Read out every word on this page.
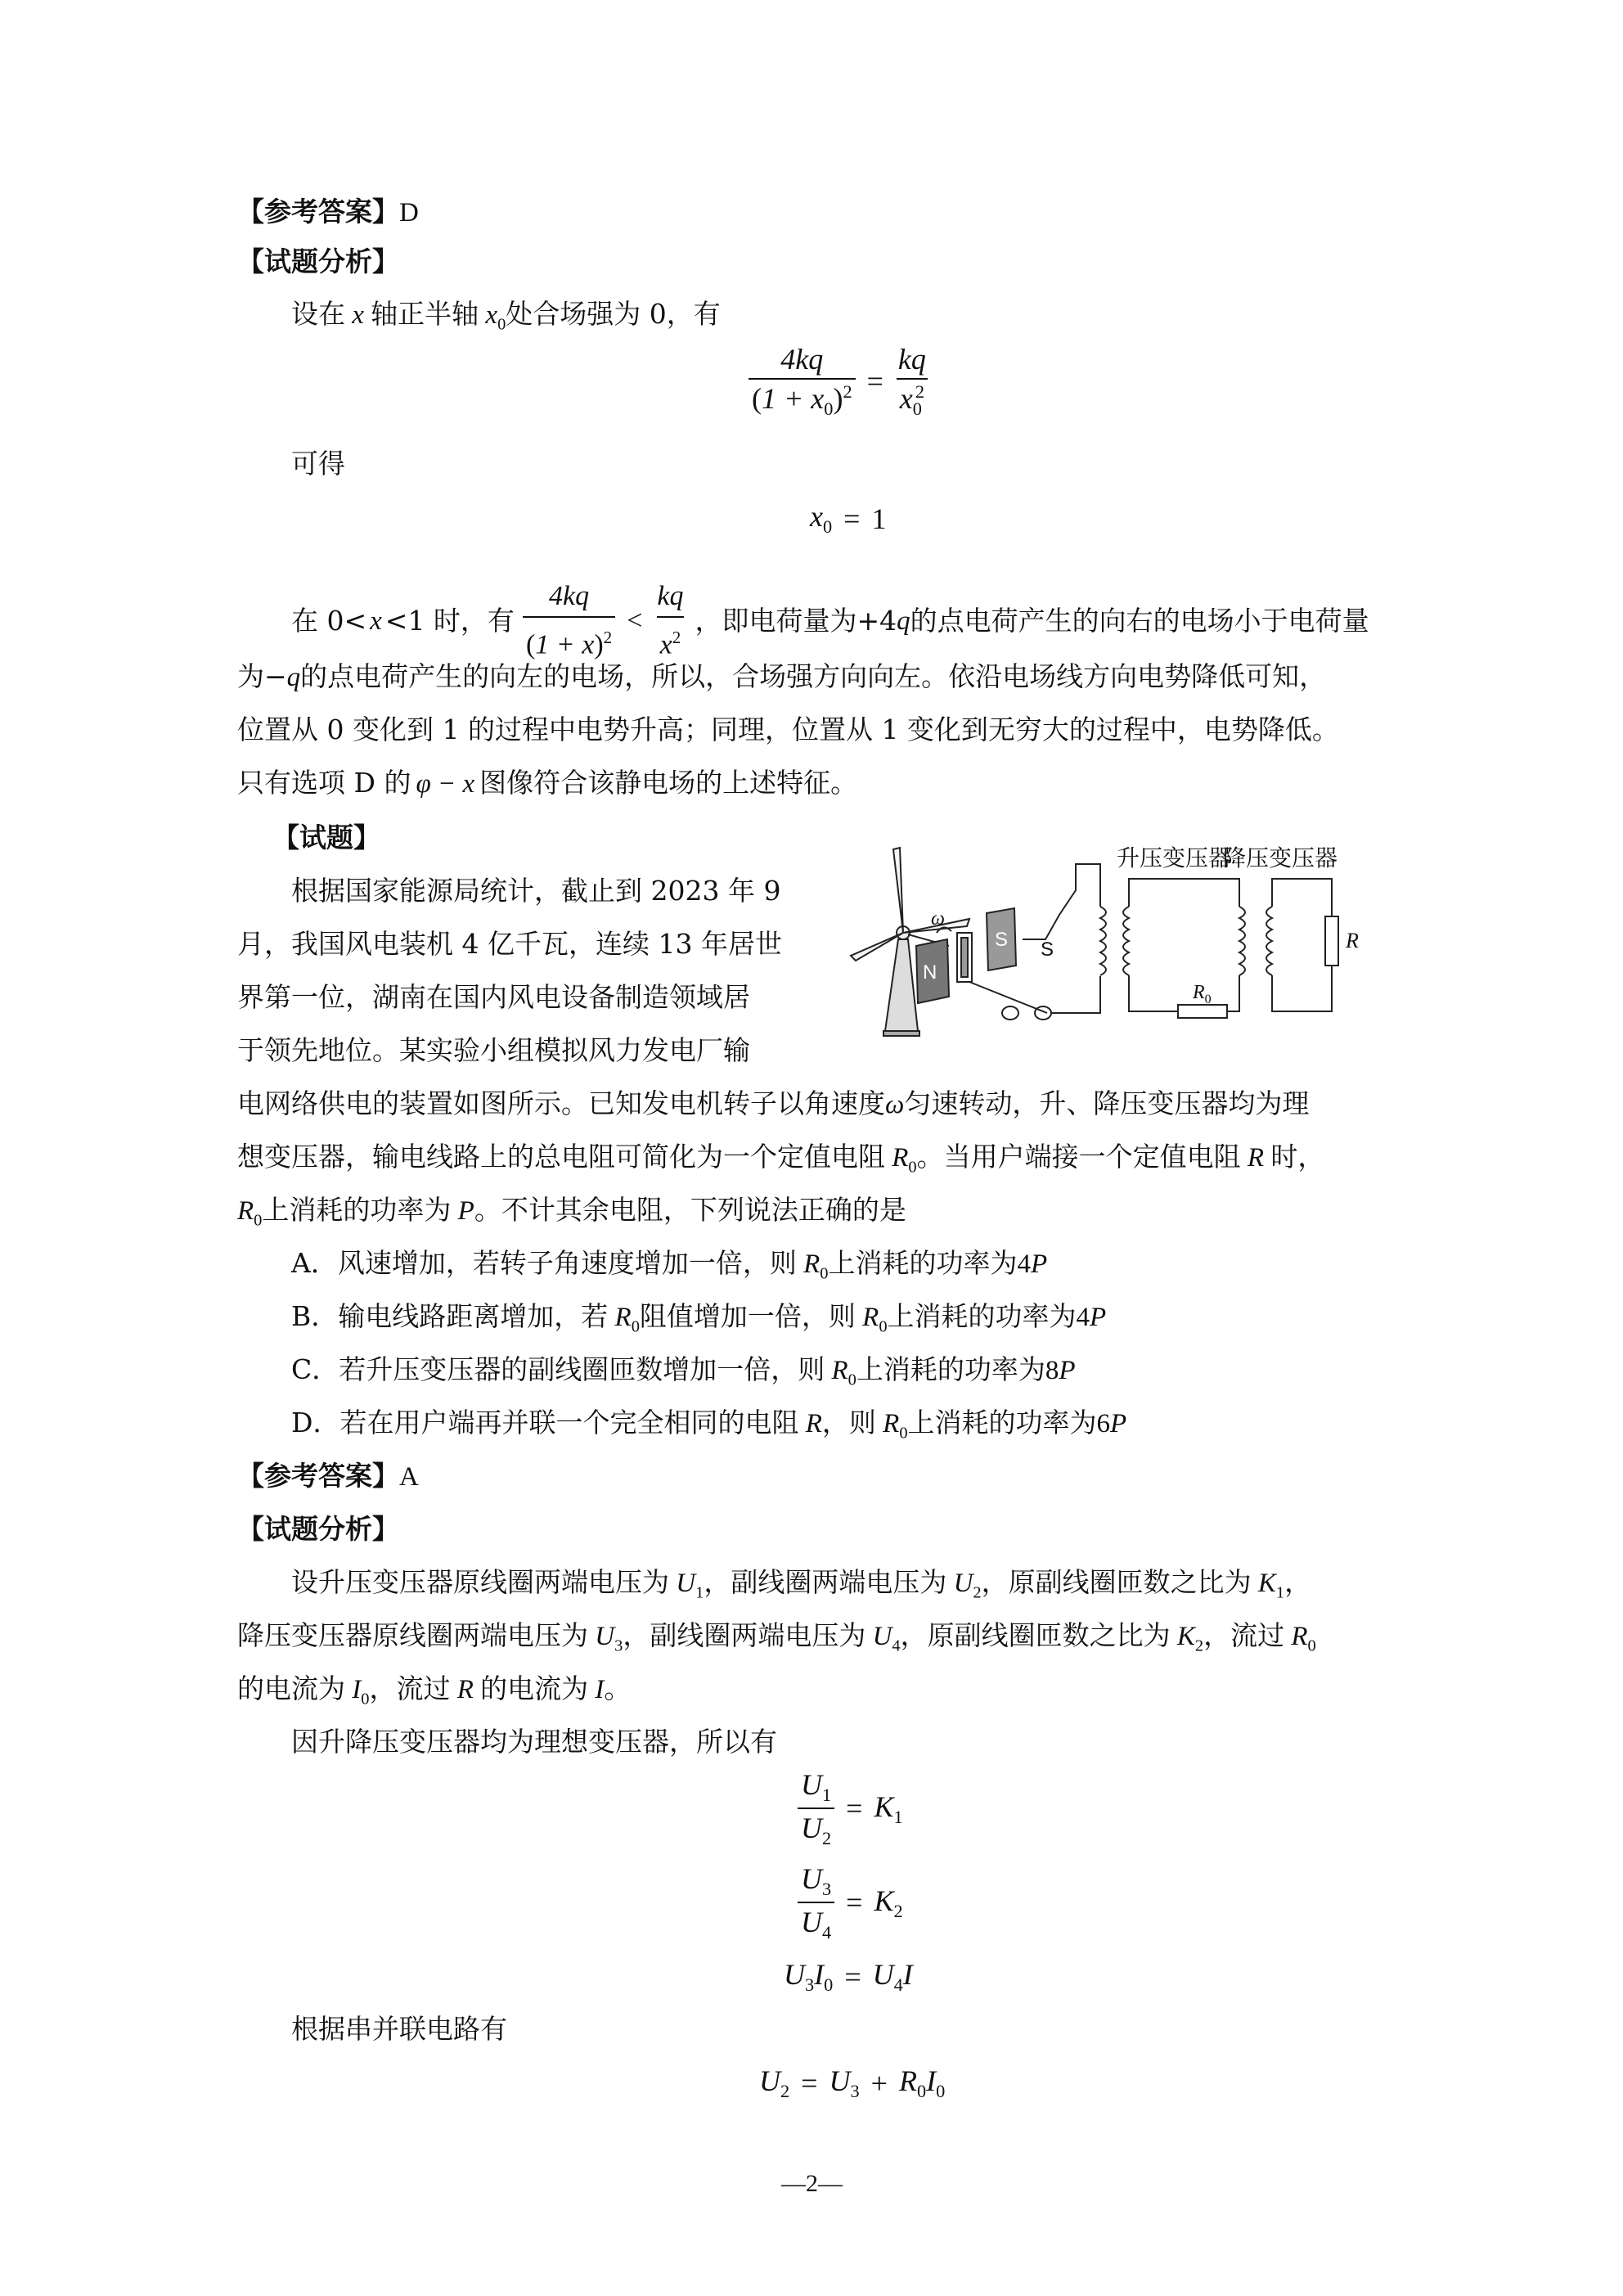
【参考答案】D
【试题分析】
设在 x 轴正半轴 $x_0$处合场强为 0，有
$\frac{4kq}{(1 + x_0)^2} = \frac{kq}{x_0^2}$
可得
$x_0 = 1$
在 0< x <1 时，有 $\frac{4kq}{(1 + x)^2} < \frac{kq}{x^2}$ ，即电荷量为+4 q 的点电荷产生的向右的电场小于电荷量
为−q的点电荷产生的向左的电场，所以，合场强方向向左。依沿电场线方向电势降低可知，
位置从 0 变化到 1 的过程中电势升高；同理，位置从 1 变化到无穷大的过程中，电势降低。
只有选项 D 的 φ − x 图像符合该静电场的上述特征。
【试题】
根据国家能源局统计，截止到 2023 年 9
月，我国风电装机 4 亿千瓦，连续 13 年居世
界第一位，湖南在国内风电设备制造领域居
于领先地位。某实验小组模拟风力发电厂输
升压变压器
降压变压器
ω
N
S S	R
$R_0$
电网络供电的装置如图所示。已知发电机转子以角速度ω匀速转动，升、降压变压器均为理
想变压器，输电线路上的总电阻可简化为一个定值电阻 $R_0$。当用户端接一个定值电阻 R 时，
$R_0$上消耗的功率为 P。不计其余电阻，下列说法正确的是
A．风速增加，若转子角速度增加一倍，则 $R_0$上消耗的功率为4P
B．输电线路距离增加，若 $R_0$阻值增加一倍，则 $R_0$上消耗的功率为4P
C．若升压变压器的副线圈匝数增加一倍，则 $R_0$上消耗的功率为8P
D．若在用户端再并联一个完全相同的电阻 R，则 $R_0$上消耗的功率为6P
【参考答案】A
【试题分析】
设升压变压器原线圈两端电压为 $U_1$，副线圈两端电压为 $U_2$，原副线圈匝数之比为 $K_1$，
降压变压器原线圈两端电压为 $U_3$，副线圈两端电压为 $U_4$，原副线圈匝数之比为 $K_2$，流过 $R_0$
的电流为 $I_0$，流过 R 的电流为 I。
因升降压变压器均为理想变压器，所以有
$\frac{U_1}{U_2} = K_1$
$\frac{U_3}{U_4} = K_2$
$U_3I_0 = U_4I$
根据串并联电路有
$U_2 = U_3 + R_0I_0$
—2—
